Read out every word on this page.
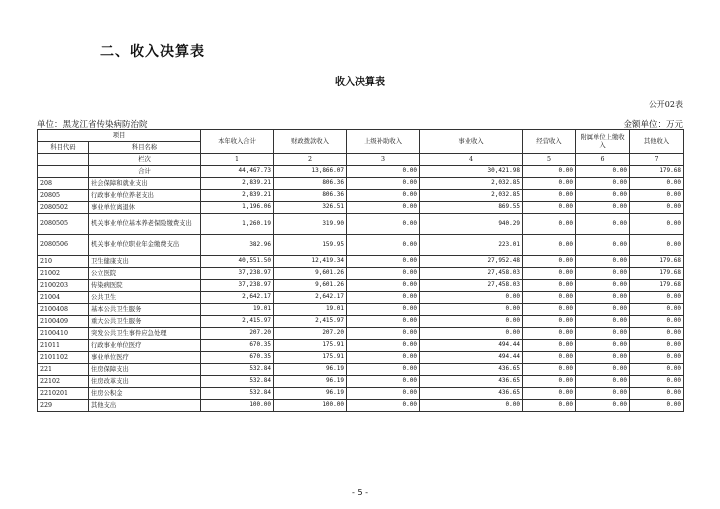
二、收入决算表
收入决算表
公开02表
单位：黑龙江省传染病防治院	金额单位：万元
项目		本年收入合计	财政拨款收入	上级补助收入	事业收入	经营收入	附属单位上缴收入	其他收入
科目代码	科目名称							
	栏次	1	2	3	4	5	6	7
	合计	44,467.73	13,866.07	0.00	30,421.98	0.00	0.00	179.68
208	社会保障和就业支出	2,839.21	806.36	0.00	2,032.85	0.00	0.00	0.00
20805	行政事业单位养老支出	2,839.21	806.36	0.00	2,032.85	0.00	0.00	0.00
2080502	事业单位离退休	1,196.06	326.51	0.00	869.55	0.00	0.00	0.00
2080505	机关事业单位基本养老保险缴费支出	1,260.19	319.90	0.00	940.29	0.00	0.00	0.00
2080506	机关事业单位职业年金缴费支出	382.96	159.95	0.00	223.01	0.00	0.00	0.00
210	卫生健康支出	40,551.50	12,419.34	0.00	27,952.48	0.00	0.00	179.68
21002	公立医院	37,238.97	9,601.26	0.00	27,458.03	0.00	0.00	179.68
2100203	传染病医院	37,238.97	9,601.26	0.00	27,458.03	0.00	0.00	179.68
21004	公共卫生	2,642.17	2,642.17	0.00	0.00	0.00	0.00	0.00
2100408	基本公共卫生服务	19.01	19.01	0.00	0.00	0.00	0.00	0.00
2100409	重大公共卫生服务	2,415.97	2,415.97	0.00	0.00	0.00	0.00	0.00
2100410	突发公共卫生事件应急处理	207.20	207.20	0.00	0.00	0.00	0.00	0.00
21011	行政事业单位医疗	670.35	175.91	0.00	494.44	0.00	0.00	0.00
2101102	事业单位医疗	670.35	175.91	0.00	494.44	0.00	0.00	0.00
221	住房保障支出	532.84	96.19	0.00	436.65	0.00	0.00	0.00
22102	住房改革支出	532.84	96.19	0.00	436.65	0.00	0.00	0.00
2210201	住房公积金	532.84	96.19	0.00	436.65	0.00	0.00	0.00
229	其他支出	100.00	100.00	0.00	0.00	0.00	0.00	0.00
- 5 -
